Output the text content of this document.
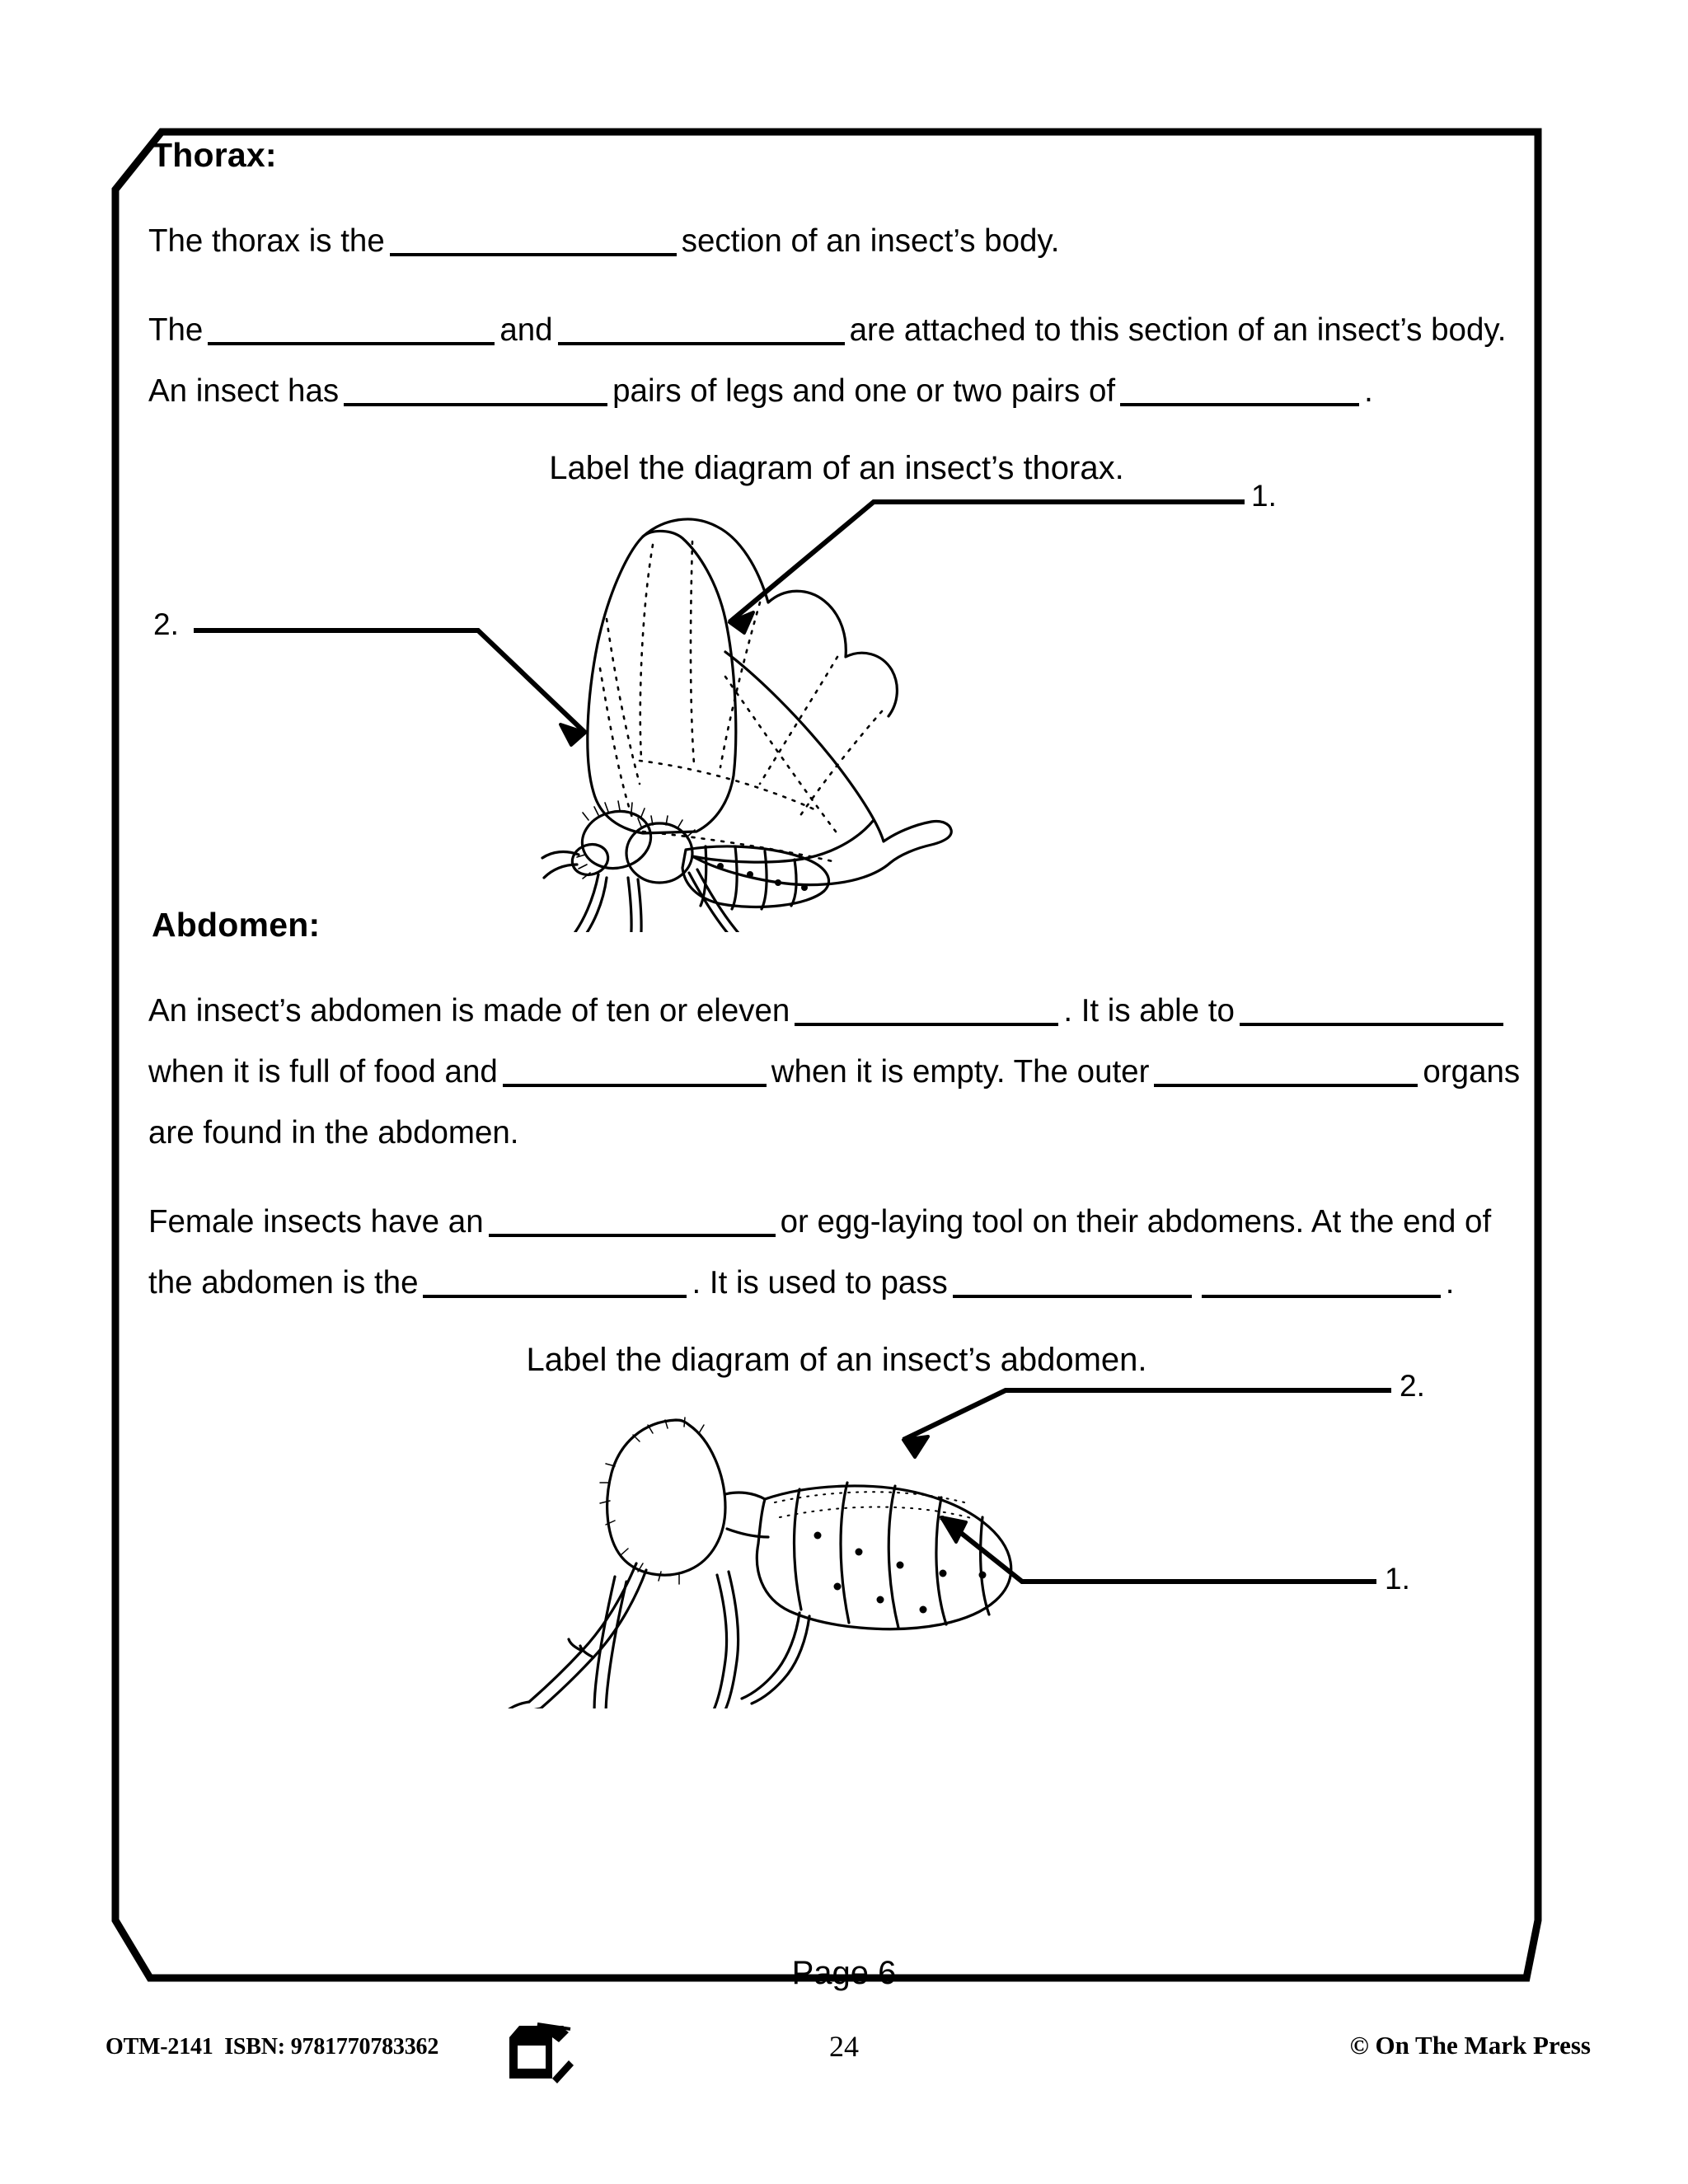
Thorax:

The thorax is the	section of an insect’s body.

The	and	are attached to this section of an insect’s body. An insect has	pairs of legs and one or two pairs of	.

Label the diagram of an insect’s thorax.

1.
2.
Abdomen:

An insect’s abdomen is made of ten or eleven	. It is able towhen it is full of food and	when it is empty. The outer	organs are found in the abdomen.

Female insects have an	or egg-laying tool on their abdomens. At the end of the abdomen is the	. It is used to pass	.

Label the diagram of an insect’s abdomen.

2.
1.
Page 6
OTM-2141 ISBN: 9781770783362	24	© On The Mark Press
